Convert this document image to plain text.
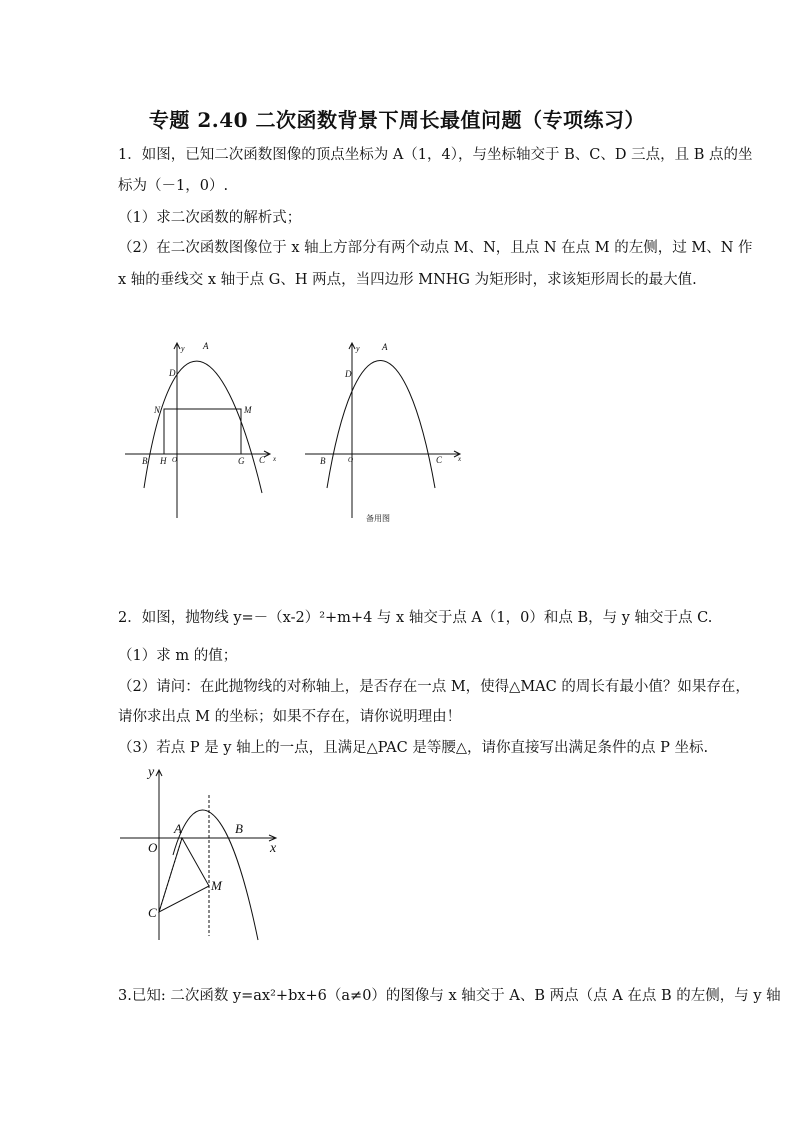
专题 2.40 二次函数背景下周长最值问题（专项练习）
1．如图，已知二次函数图像的顶点坐标为 A（1，4），与坐标轴交于 B、C、D 三点，且 B 点的坐
标为（－1，0）.
（1）求二次函数的解析式；
（2）在二次函数图像位于 x 轴上方部分有两个动点 M、N，且点 N 在点 M 的左侧，过 M、N 作
x 轴的垂线交 x 轴于点 G、H 两点，当四边形 MNHG 为矩形时，求该矩形周长的最大值.
y A
D
N	M
B H O	G C x
y A
D
B	O	C x
备用图
2．如图，抛物线 y=－（x-2）²+m+4 与 x 轴交于点 A（1，0）和点 B，与 y 轴交于点 C.
（1）求 m 的值；
（2）请问：在此抛物线的对称轴上，是否存在一点 M，使得△MAC 的周长有最小值？如果存在，
请你求出点 M 的坐标；如果不存在，请你说明理由！
（3）若点 P 是 y 轴上的一点，且满足△PAC 是等腰△，请你直接写出满足条件的点 P 坐标.
y
A	B
O	x
M
C
3.已知: 二次函数 y=ax²+bx+6（a≠0）的图像与 x 轴交于 A、B 两点（点 A 在点 B 的左侧，与 y 轴
